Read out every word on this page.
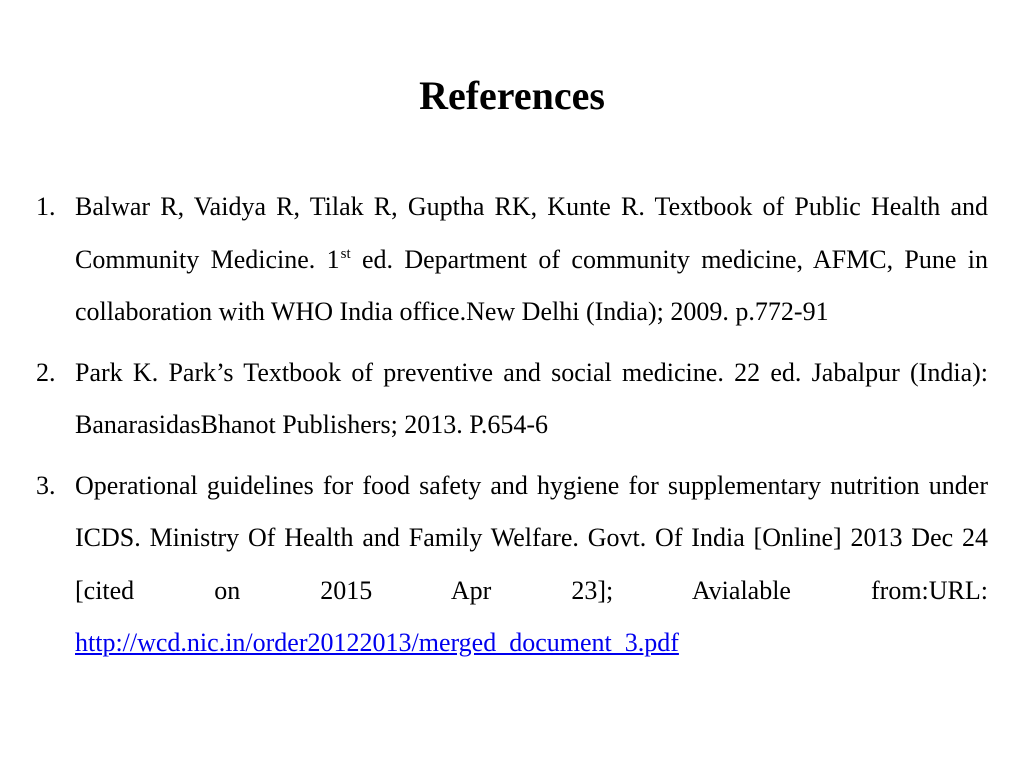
References
1. Balwar R, Vaidya R, Tilak R, Guptha RK, Kunte R. Textbook of Public Health and Community Medicine. 1st ed. Department of community medicine, AFMC, Pune in collaboration with WHO India office.New Delhi (India); 2009. p.772-91
2. Park K. Park’s Textbook of preventive and social medicine. 22 ed. Jabalpur (India): BanarasidasBhanot Publishers; 2013. P.654-6
3. Operational guidelines for food safety and hygiene for supplementary nutrition under ICDS. Ministry Of Health and Family Welfare. Govt. Of India [Online] 2013 Dec 24 [cited on 2015 Apr 23]; Avialable from:URL: http://wcd.nic.in/order20122013/merged_document_3.pdf
